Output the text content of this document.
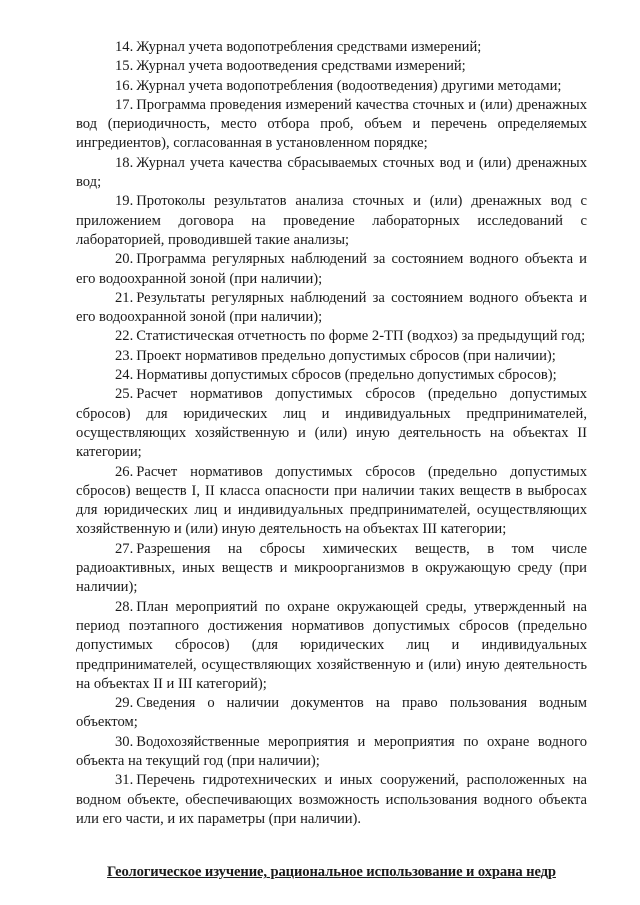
14. Журнал учета водопотребления средствами измерений;

15. Журнал учета водоотведения средствами измерений;

16. Журнал учета водопотребления (водоотведения) другими методами;

17. Программа проведения измерений качества сточных и (или) дренажных вод (периодичность, место отбора проб, объем и перечень определяемых ингредиентов), согласованная в установленном порядке;

18. Журнал учета качества сбрасываемых сточных вод и (или) дренажных вод;

19. Протоколы результатов анализа сточных и (или) дренажных вод с приложением договора на проведение лабораторных исследований с лабораторией, проводившей такие анализы;

20. Программа регулярных наблюдений за состоянием водного объекта и его водоохранной зоной (при наличии);

21. Результаты регулярных наблюдений за состоянием водного объекта и его водоохранной зоной (при наличии);

22. Статистическая отчетность по форме 2-ТП (водхоз) за предыдущий год;

23. Проект нормативов предельно допустимых сбросов (при наличии);

24. Нормативы допустимых сбросов (предельно допустимых сбросов);

25. Расчет нормативов допустимых сбросов (предельно допустимых сбросов) для юридических лиц и индивидуальных предпринимателей, осуществляющих хозяйственную и (или) иную деятельность на объектах II категории;

26. Расчет нормативов допустимых сбросов (предельно допустимых сбросов) веществ I, II класса опасности при наличии таких веществ в выбросах для юридических лиц и индивидуальных предпринимателей, осуществляющих хозяйственную и (или) иную деятельность на объектах III категории;

27. Разрешения на сбросы химических веществ, в том числе радиоактивных, иных веществ и микроорганизмов в окружающую среду (при наличии);

28. План мероприятий по охране окружающей среды, утвержденный на период поэтапного достижения нормативов допустимых сбросов (предельно допустимых сбросов) (для юридических лиц и индивидуальных предпринимателей, осуществляющих хозяйственную и (или) иную деятельность на объектах II и III категорий);

29. Сведения о наличии документов на право пользования водным объектом;

30. Водохозяйственные мероприятия и мероприятия по охране водного объекта на текущий год (при наличии);

31. Перечень гидротехнических и иных сооружений, расположенных на водном объекте, обеспечивающих возможность использования водного объекта или его части, и их параметры (при наличии).

Геологическое изучение, рациональное использование и охрана недр
